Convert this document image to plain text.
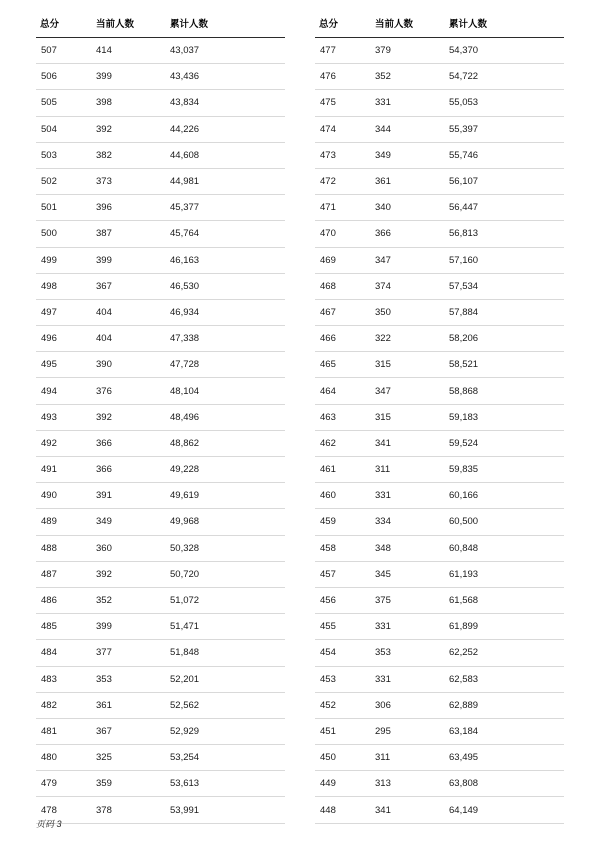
总分	当前人数	累计人数
507	414	43,037
506	399	43,436
505	398	43,834
504	392	44,226
503	382	44,608
502	373	44,981
501	396	45,377
500	387	45,764
499	399	46,163
498	367	46,530
497	404	46,934
496	404	47,338
495	390	47,728
494	376	48,104
493	392	48,496
492	366	48,862
491	366	49,228
490	391	49,619
489	349	49,968
488	360	50,328
487	392	50,720
486	352	51,072
485	399	51,471
484	377	51,848
483	353	52,201
482	361	52,562
481	367	52,929
480	325	53,254
479	359	53,613
478	378	53,991
总分	当前人数	累计人数
477	379	54,370
476	352	54,722
475	331	55,053
474	344	55,397
473	349	55,746
472	361	56,107
471	340	56,447
470	366	56,813
469	347	57,160
468	374	57,534
467	350	57,884
466	322	58,206
465	315	58,521
464	347	58,868
463	315	59,183
462	341	59,524
461	311	59,835
460	331	60,166
459	334	60,500
458	348	60,848
457	345	61,193
456	375	61,568
455	331	61,899
454	353	62,252
453	331	62,583
452	306	62,889
451	295	63,184
450	311	63,495
449	313	63,808
448	341	64,149
页码 3
